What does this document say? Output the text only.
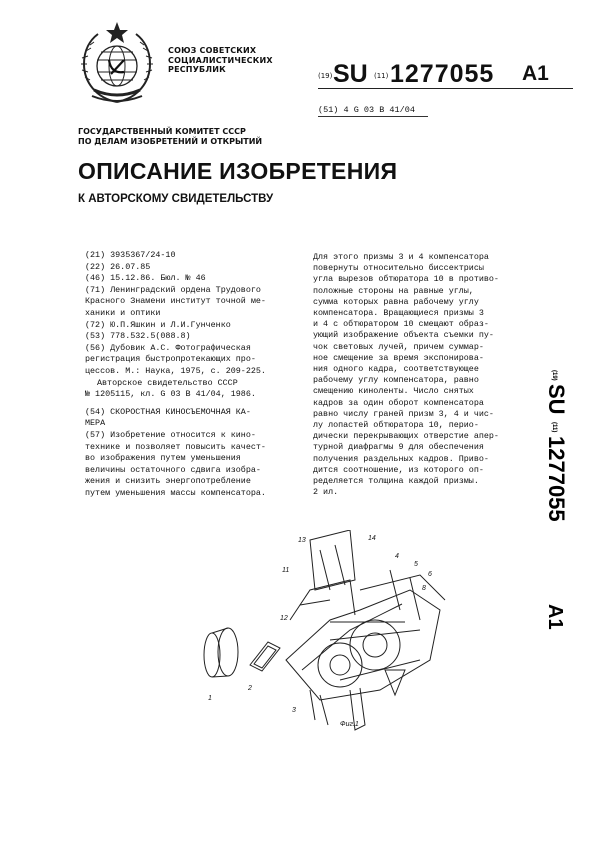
СОЮЗ СОВЕТСКИХ
СОЦИАЛИСТИЧЕСКИХ
РЕСПУБЛИК
(19) SU (11) 1277055 A1
(51) 4 G 03 B 41/04
ГОСУДАРСТВЕННЫЙ КОМИТЕТ СССР
ПО ДЕЛАМ ИЗОБРЕТЕНИЙ И ОТКРЫТИЙ
ОПИСАНИЕ ИЗОБРЕТЕНИЯ
К АВТОРСКОМУ СВИДЕТЕЛЬСТВУ
(21) 3935367/24-10
(22) 26.07.85
(46) 15.12.86. Бюл. № 46
(71) Ленинградский ордена Трудового
Красного Знамени институт точной ме-
ханики и оптики
(72) Ю.П.Яшкин и Л.И.Гунченко
(53) 778.532.5(088.8)
(56) Дубовик А.С. Фотографическая
регистрация быстропротекающих про-
цессов. М.: Наука, 1975, с. 209-225.
Авторское свидетельство СССР
№ 1205115, кл. G 03 B 41/04, 1986.
(54) СКОРОСТНАЯ КИНОСЪЕМОЧНАЯ КА-
МЕРА
(57) Изобретение относится к кино-
технике и позволяет повысить качест-
во изображения путем уменьшения
величины остаточного сдвига изобра-
жения и снизить энергопотребление
путем уменьшения массы компенсатора.
Для этого призмы 3 и 4 компенсатора
повернуты относительно биссектрисы
угла вырезов обтюратора 10 в противо-
положные стороны на равные углы,
сумма которых равна рабочему углу
компенсатора. Вращающиеся призмы 3
и 4 с обтюратором 10 смещают образ-
ующий изображение объекта съемки пу-
чок световых лучей, причем суммар-
ное смещение за время экспонирова-
ния одного кадра, соответствующее
рабочему углу компенсатора, равно
смещению киноленты. Число снятых
кадров за один оборот компенсатора
равно числу граней призм 3, 4 и чис-
лу лопастей обтюратора 10, перио-
дически перекрывающих отверстие апер-
турной диафрагмы 9 для обеспечения
получения раздельных кадров. Приво-
дится соотношение, из которого оп-
ределяется толщина каждой призмы.
2 ил.
(19)
SU
(11)
1277055
A1
1
2
3
4
5
6
8
11
12
13	14
Фиг.1
